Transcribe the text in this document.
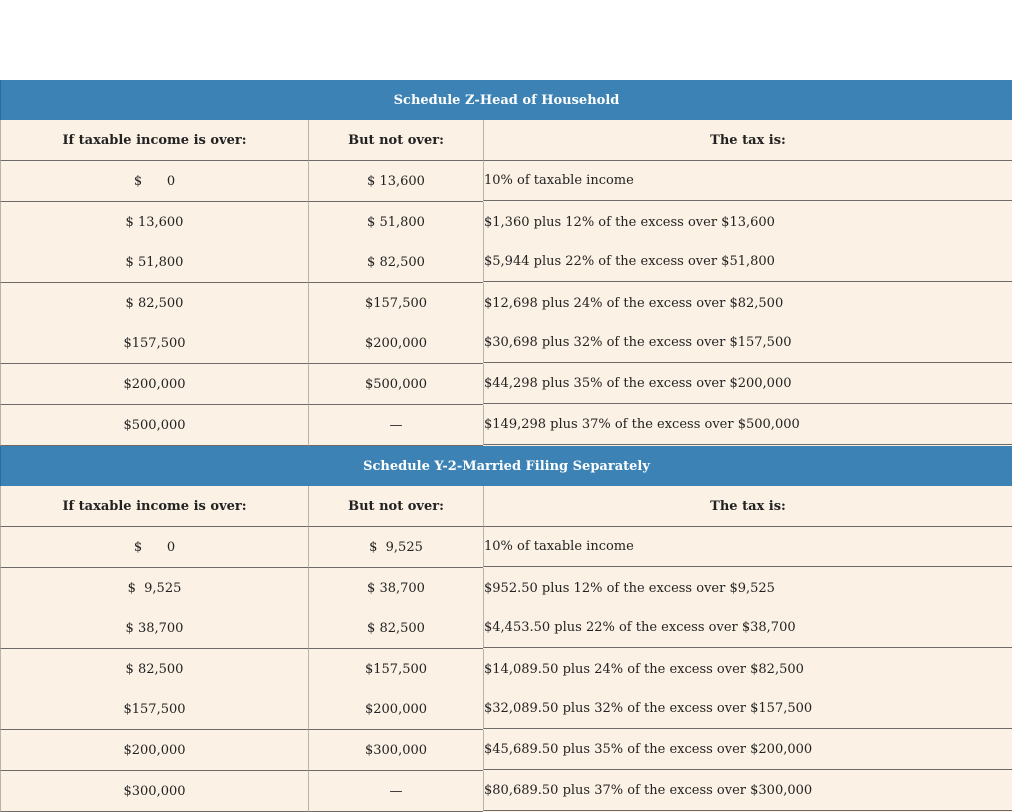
Schedule Z-Head of Household
If taxable income is over:	But not over:	The tax is:
$      0	$ 13,600	10% of taxable income
$ 13,600	$ 51,800	$1,360 plus 12% of the excess over $13,600
$ 51,800	$ 82,500	$5,944 plus 22% of the excess over $51,800
$ 82,500	$157,500	$12,698 plus 24% of the excess over $82,500
$157,500	$200,000	$30,698 plus 32% of the excess over $157,500
$200,000	$500,000	$44,298 plus 35% of the excess over $200,000
$500,000	—	$149,298 plus 37% of the excess over $500,000
Schedule Y-2-Married Filing Separately
If taxable income is over:	But not over:	The tax is:
$      0	$  9,525	10% of taxable income
$  9,525	$ 38,700	$952.50 plus 12% of the excess over $9,525
$ 38,700	$ 82,500	$4,453.50 plus 22% of the excess over $38,700
$ 82,500	$157,500	$14,089.50 plus 24% of the excess over $82,500
$157,500	$200,000	$32,089.50 plus 32% of the excess over $157,500
$200,000	$300,000	$45,689.50 plus 35% of the excess over $200,000
$300,000	—	$80,689.50 plus 37% of the excess over $300,000
